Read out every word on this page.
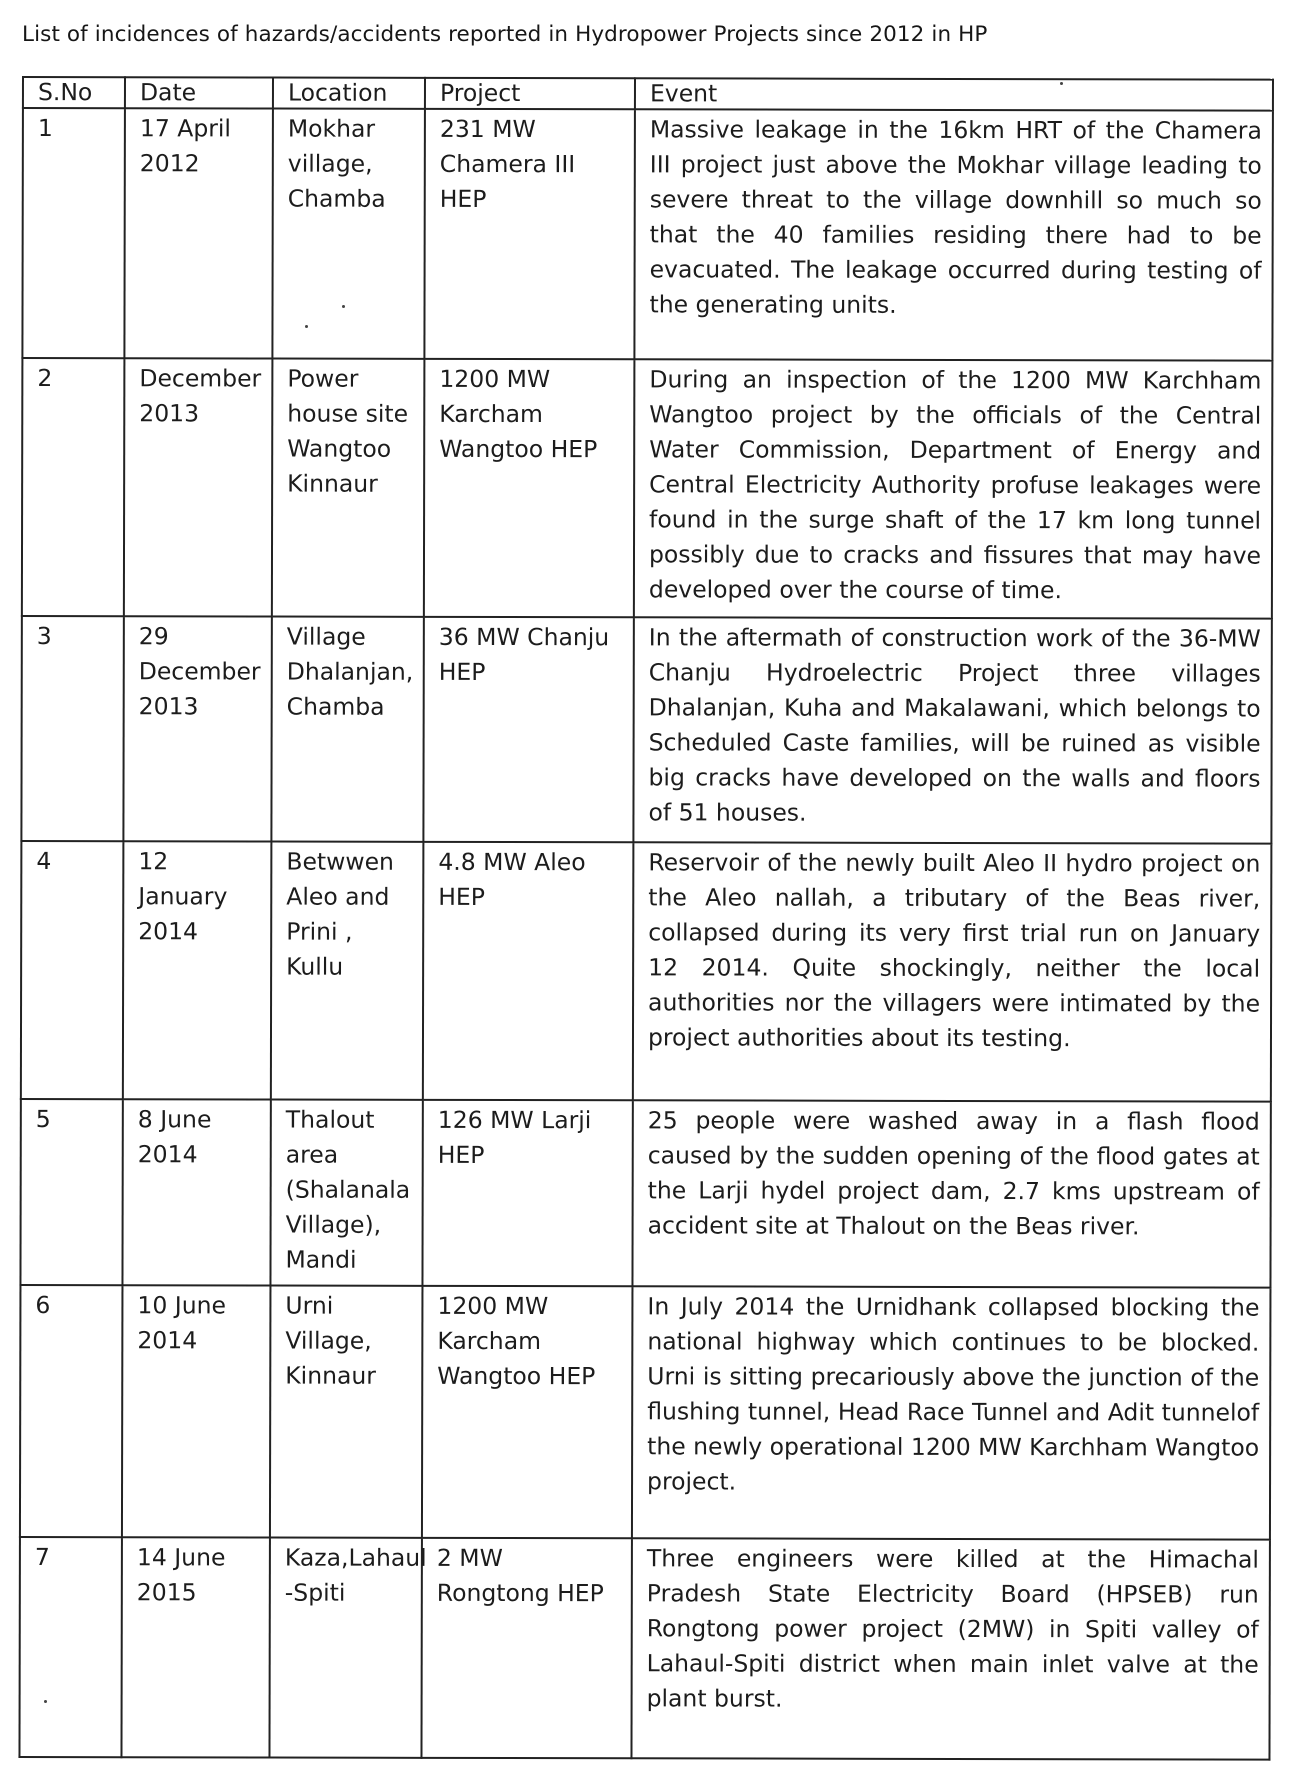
List of incidences of hazards/accidents reported in Hydropower Projects since 2012 in HP
S.No	Date	Location	Project	Event
1	17 April 2012	Mokhar village, Chamba	231 MW Chamera III HEP	Massive leakage in the 16km HRT of the Chamera III project just above the Mokhar village leading to severe threat to the village downhill so much so that the 40 families residing there had to be evacuated. The leakage occurred during testing of the generating units.
2	December 2013	Power house site Wangtoo Kinnaur	1200 MW Karcham Wangtoo HEP	During an inspection of the 1200 MW Karchham Wangtoo project by the officials of the Central Water Commission, Department of Energy and Central Electricity Authority profuse leakages were found in the surge shaft of the 17 km long tunnel possibly due to cracks and fissures that may have developed over the course of time.
3	29 December 2013	Village Dhalanjan, Chamba	36 MW Chanju HEP	In the aftermath of construction work of the 36-MW Chanju Hydroelectric Project three villages Dhalanjan, Kuha and Makalawani, which belongs to Scheduled Caste families, will be ruined as visible big cracks have developed on the walls and floors of 51 houses.
4	12 January 2014	Betwwen Aleo and Prini , Kullu	4.8 MW Aleo HEP	Reservoir of the newly built Aleo II hydro project on the Aleo nallah, a tributary of the Beas river, collapsed during its very first trial run on January 12 2014. Quite shockingly, neither the local authorities nor the villagers were intimated by the project authorities about its testing.
5	8 June 2014	Thalout area (Shalanala Village), Mandi	126 MW Larji HEP	25 people were washed away in a flash flood caused by the sudden opening of the flood gates at the Larji hydel project dam, 2.7 kms upstream of accident site at Thalout on the Beas river.
6	10 June 2014	Urni Village, Kinnaur	1200 MW Karcham Wangtoo HEP	In July 2014 the Urnidhank collapsed blocking the national highway which continues to be blocked. Urni is sitting precariously above the junction of the flushing tunnel, Head Race Tunnel and Adit tunnelof the newly operational 1200 MW Karchham Wangtoo project.
7	14 June 2015	Kaza,Lahaul -Spiti	2 MW Rongtong HEP	Three engineers were killed at the Himachal Pradesh State Electricity Board (HPSEB) run Rongtong power project (2MW) in Spiti valley of Lahaul-Spiti district when main inlet valve at the plant burst.
